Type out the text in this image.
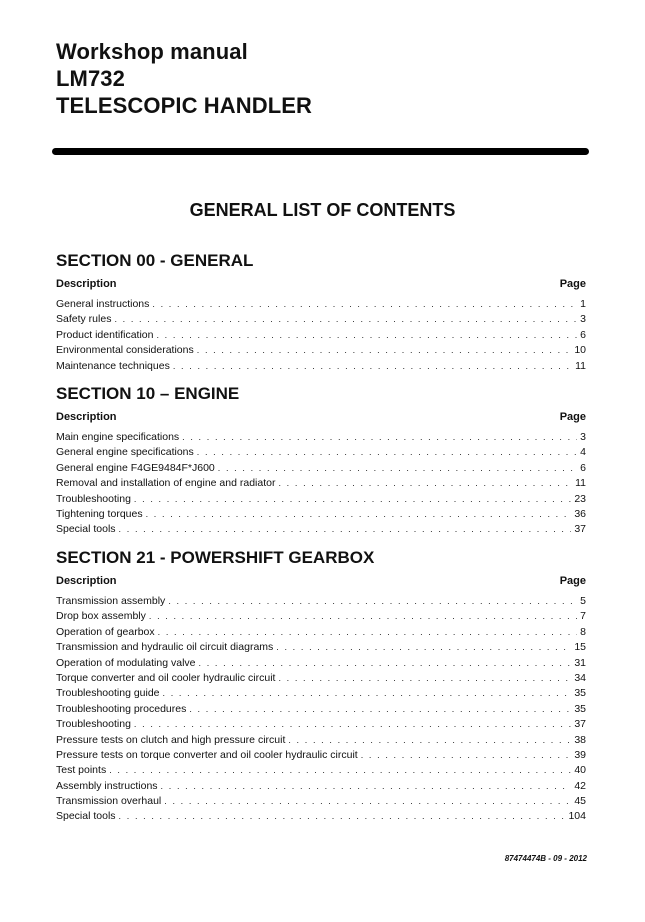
Workshop manual
LM732
TELESCOPIC HANDLER
GENERAL LIST OF CONTENTS
SECTION 00 - GENERAL
Description	Page
General instructions . . .	1
Safety rules . . .	3
Product identification . . .	6
Environmental considerations . . .	10
Maintenance techniques . . .	11
SECTION 10 – ENGINE
Description	Page
Main engine specifications . . .	3
General engine specifications . . .	4
General engine F4GE9484F*J600 . . .	6
Removal and installation of engine and radiator . . .	11
Troubleshooting . . .	23
Tightening torques . . .	36
Special tools . . .	37
SECTION 21 - POWERSHIFT GEARBOX
Description	Page
Transmission assembly . . .	5
Drop box assembly . . .	7
Operation of gearbox . . .	8
Transmission and hydraulic oil circuit diagrams . . .	15
Operation of modulating valve . . .	31
Torque converter and oil cooler hydraulic circuit . . .	34
Troubleshooting guide . . .	35
Troubleshooting procedures . . .	35
Troubleshooting . . .	37
Pressure tests on clutch and high pressure circuit . . .	38
Pressure tests on torque converter and oil cooler hydraulic circuit . . .	39
Test points . . .	40
Assembly instructions . . .	42
Transmission overhaul . . .	45
Special tools . . .	104
87474474B - 09 - 2012
